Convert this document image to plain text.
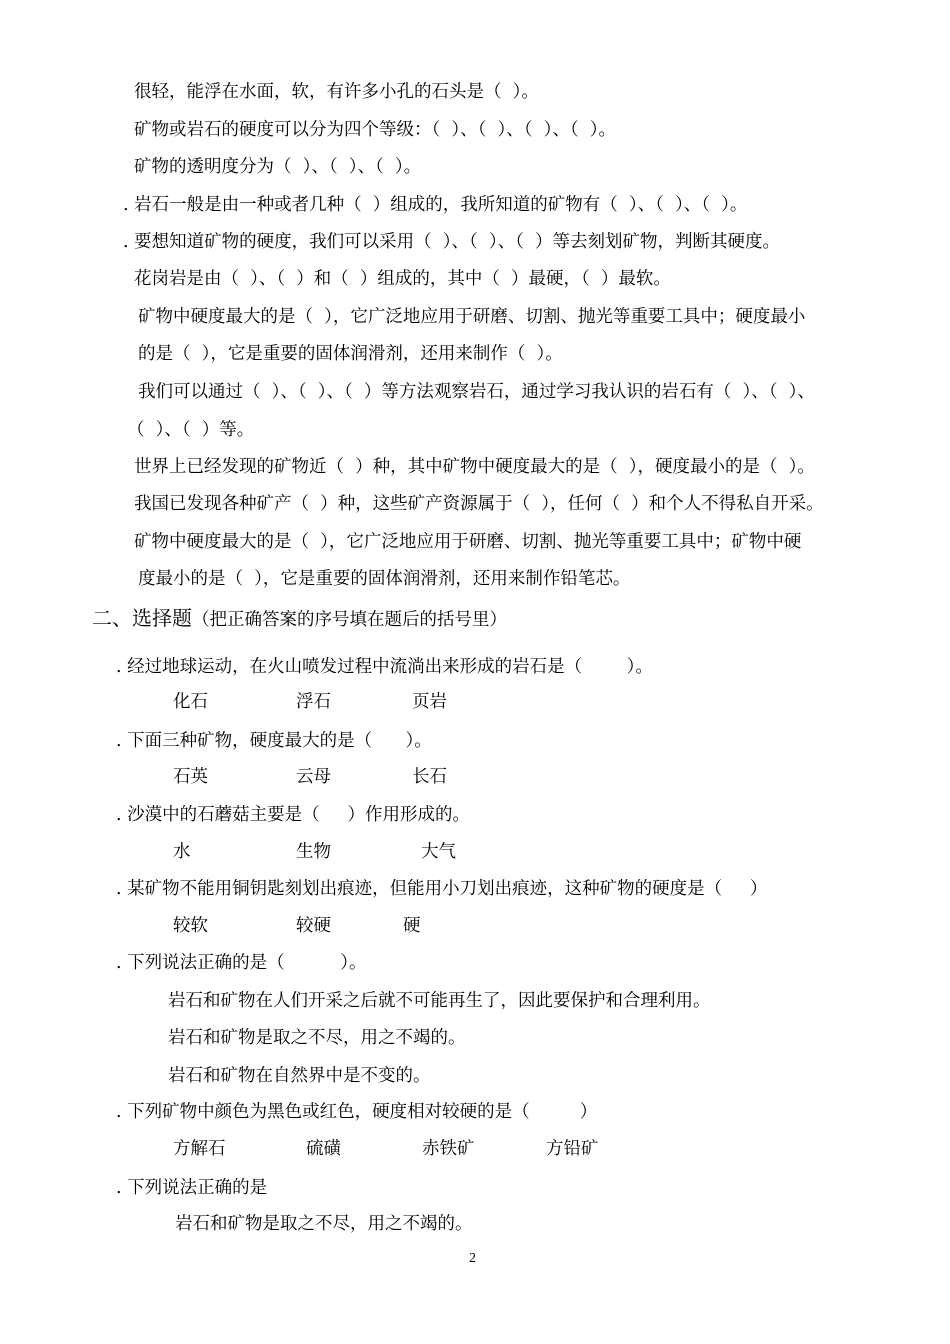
很轻，能浮在水面，软，有许多小孔的石头是（  ）。
矿物或岩石的硬度可以分为四个等级：（  ）、（  ）、（  ）、（  ）。
矿物的透明度分为（  ）、（  ）、（  ）。
. 岩石一般是由一种或者几种（  ）组成的，我所知道的矿物有（  ）、（  ）、（  ）。
. 要想知道矿物的硬度，我们可以采用（  ）、（  ）、（  ）等去刻划矿物，判断其硬度。
花岗岩是由（  ）、（  ）和（  ）组成的，其中（  ）最硬，（  ）最软。
矿物中硬度最大的是（  ），它广泛地应用于研磨、切割、抛光等重要工具中；硬度最小
的是（  ），它是重要的固体润滑剂，还用来制作（  ）。
我们可以通过（  ）、（  ）、（  ）等方法观察岩石，通过学习我认识的岩石有（  ）、（  ）、
（  ）、（  ）等。
世界上已经发现的矿物近（  ）种，其中矿物中硬度最大的是（  ），硬度最小的是（  ）。
我国已发现各种矿产（  ）种，这些矿产资源属于（  ），任何（  ）和个人不得私自开采。
矿物中硬度最大的是（  ），它广泛地应用于研磨、切割、抛光等重要工具中；矿物中硬
度最小的是（  ），它是重要的固体润滑剂，还用来制作铅笔芯。
二、选择题（把正确答案的序号填在题后的括号里）
. 经过地球运动，在火山喷发过程中流淌出来形成的岩石是（        ）。
化石	浮石	页岩
. 下面三种矿物，硬度最大的是（      ）。
石英	云母	长石
. 沙漠中的石蘑菇主要是（     ）作用形成的。
水	生物	大气
. 某矿物不能用铜钥匙刻划出痕迹，但能用小刀划出痕迹，这种矿物的硬度是（     ）
较软	较硬	硬
. 下列说法正确的是（          ）。
岩石和矿物在人们开采之后就不可能再生了，因此要保护和合理利用。
岩石和矿物是取之不尽，用之不竭的。
岩石和矿物在自然界中是不变的。
. 下列矿物中颜色为黑色或红色，硬度相对较硬的是（         ）
方解石	硫磺	赤铁矿	方铅矿
. 下列说法正确的是
岩石和矿物是取之不尽，用之不竭的。
2
